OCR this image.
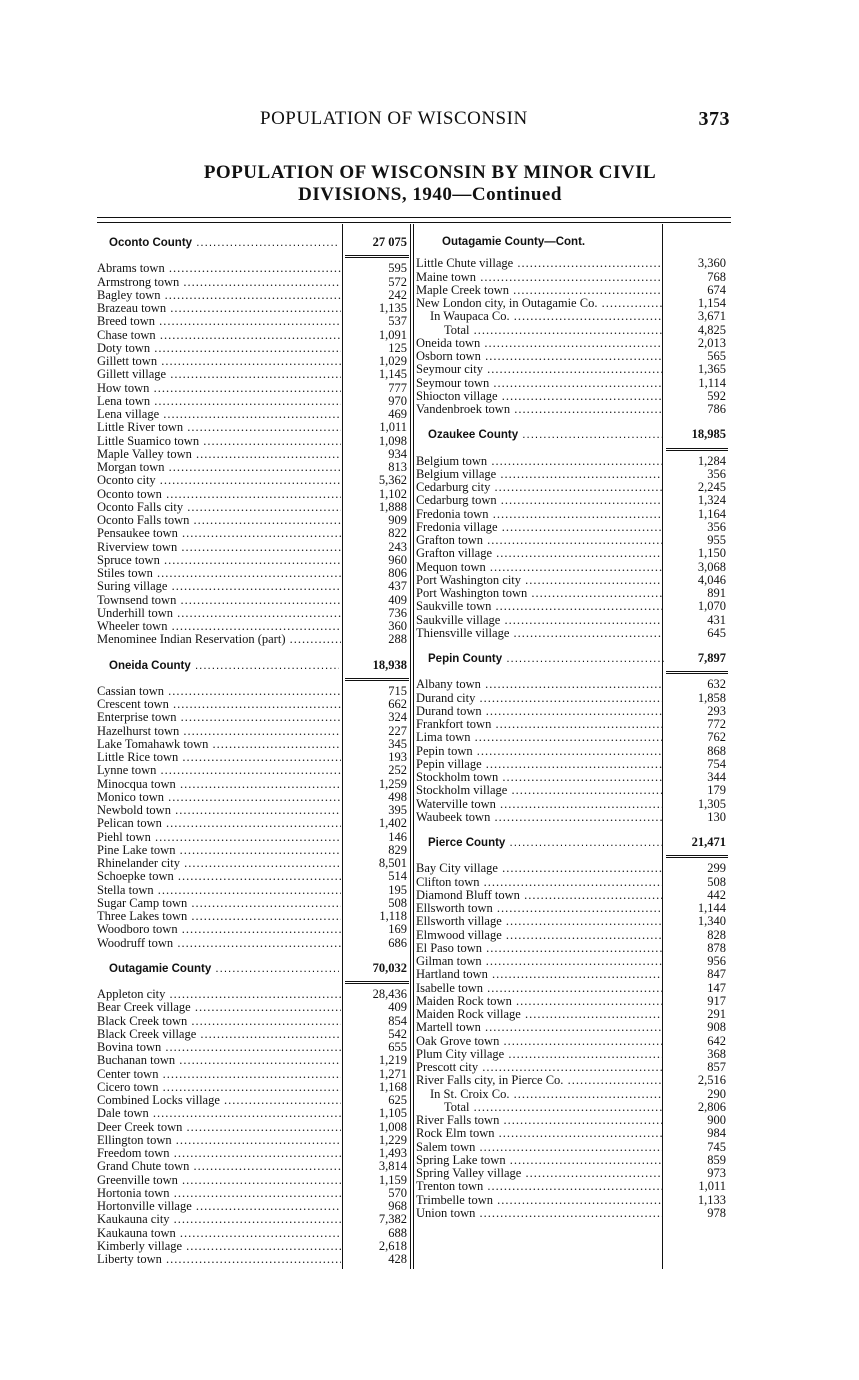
POPULATION OF WISCONSIN	373
POPULATION OF WISCONSIN BY MINOR CIVIL
DIVISIONS, 1940—Continued
Oconto County .....	27 075
Abrams town .....	595
Armstrong town .....	572
Bagley town .....	242
Brazeau town .....	1,135
Breed town .....	537
Chase town .....	1,091
Doty town .....	125
Gillett town .....	1,029
Gillett village .....	1,145
How town .....	777
Lena town .....	970
Lena village .....	469
Little River town .....	1,011
Little Suamico town .....	1,098
Maple Valley town .....	934
Morgan town .....	813
Oconto city .....	5,362
Oconto town .....	1,102
Oconto Falls city .....	1,888
Oconto Falls town .....	909
Pensaukee town .....	822
Riverview town .....	243
Spruce town .....	960
Stiles town .....	806
Suring village .....	437
Townsend town .....	409
Underhill town .....	736
Wheeler town .....	360
Menominee Indian Reservation (part) .....	288
Oneida County .....	18,938
Cassian town .....	715
Crescent town .....	662
Enterprise town .....	324
Hazelhurst town .....	227
Lake Tomahawk town .....	345
Little Rice town .....	193
Lynne town .....	252
Minocqua town .....	1,259
Monico town .....	498
Newbold town .....	395
Pelican town .....	1,402
Piehl town .....	146
Pine Lake town .....	829
Rhinelander city .....	8,501
Schoepke town .....	514
Stella town .....	195
Sugar Camp town .....	508
Three Lakes town .....	1,118
Woodboro town .....	169
Woodruff town .....	686
Outagamie County .....	70,032
Appleton city .....	28,436
Bear Creek village .....	409
Black Creek town .....	854
Black Creek village .....	542
Bovina town .....	655
Buchanan town .....	1,219
Center town .....	1,271
Cicero town .....	1,168
Combined Locks village .....	625
Dale town .....	1,105
Deer Creek town .....	1,008
Ellington town .....	1,229
Freedom town .....	1,493
Grand Chute town .....	3,814
Greenville town .....	1,159
Hortonia town .....	570
Hortonville village .....	968
Kaukauna city .....	7,382
Kaukauna town .....	688
Kimberly village .....	2,618
Liberty town .....	428
Outagamie County—Cont.
Little Chute village .....	3,360
Maine town .....	768
Maple Creek town .....	674
New London city, in Outagamie Co. .....	1,154
In Waupaca Co. .....	3,671
Total .....	4,825
Oneida town .....	2,013
Osborn town .....	565
Seymour city .....	1,365
Seymour town .....	1,114
Shiocton village .....	592
Vandenbroek town .....	786
Ozaukee County .....	18,985
Belgium town .....	1,284
Belgium village .....	356
Cedarburg city .....	2,245
Cedarburg town .....	1,324
Fredonia town .....	1,164
Fredonia village .....	356
Grafton town .....	955
Grafton village .....	1,150
Mequon town .....	3,068
Port Washington city .....	4,046
Port Washington town .....	891
Saukville town .....	1,070
Saukville village .....	431
Thiensville village .....	645
Pepin County .....	7,897
Albany town .....	632
Durand city .....	1,858
Durand town .....	293
Frankfort town .....	772
Lima town .....	762
Pepin town .....	868
Pepin village .....	754
Stockholm town .....	344
Stockholm village .....	179
Waterville town .....	1,305
Waubeek town .....	130
Pierce County .....	21,471
Bay City village .....	299
Clifton town .....	508
Diamond Bluff town .....	442
Ellsworth town .....	1,144
Ellsworth village .....	1,340
Elmwood village .....	828
El Paso town .....	878
Gilman town .....	956
Hartland town .....	847
Isabelle town .....	147
Maiden Rock town .....	917
Maiden Rock village .....	291
Martell town .....	908
Oak Grove town .....	642
Plum City village .....	368
Prescott city .....	857
River Falls city, in Pierce Co. .....	2,516
In St. Croix Co. .....	290
Total .....	2,806
River Falls town .....	900
Rock Elm town .....	984
Salem town .....	745
Spring Lake town .....	859
Spring Valley village .....	973
Trenton town .....	1,011
Trimbelle town .....	1,133
Union town .....	978
